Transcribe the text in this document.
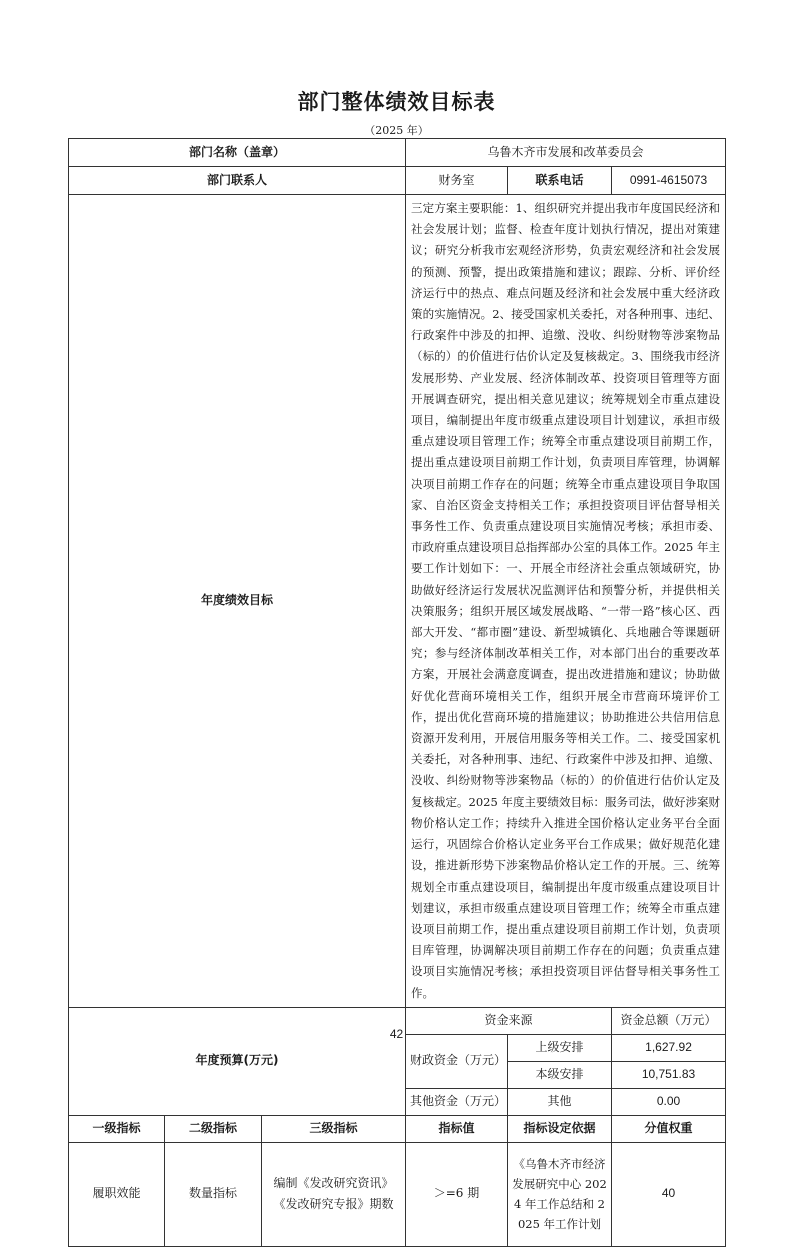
部门整体绩效目标表
（2025 年）
部门名称（盖章）			乌鲁木齐市发展和改革委员会		
部门联系人			财务室	联系电话	0991-4615073
年度绩效目标			三定方案主要职能：1、组织研究并提出我市年度国民经济和社会发展计划；监督、检查年度计划执行情况，提出对策建议；研究分析我市宏观经济形势，负责宏观经济和社会发展的预测、预警，提出政策措施和建议；跟踪、分析、评价经济运行中的热点、难点问题及经济和社会发展中重大经济政策的实施情况。2、接受国家机关委托，对各种刑事、违纪、行政案件中涉及的扣押、追缴、没收、纠纷财物等涉案物品（标的）的价值进行估价认定及复核裁定。3、围绕我市经济发展形势、产业发展、经济体制改革、投资项目管理等方面开展调查研究，提出相关意见建议；统筹规划全市重点建设项目，编制提出年度市级重点建设项目计划建议，承担市级重点建设项目管理工作；统筹全市重点建设项目前期工作，提出重点建设项目前期工作计划，负责项目库管理，协调解决项目前期工作存在的问题；统筹全市重点建设项目争取国家、自治区资金支持相关工作；承担投资项目评估督导相关事务性工作、负责重点建设项目实施情况考核；承担市委、市政府重点建设项目总指挥部办公室的具体工作。2025 年主要工作计划如下：一、开展全市经济社会重点领域研究，协助做好经济运行发展状况监测评估和预警分析，并提供相关决策服务；组织开展区域发展战略、“一带一路”核心区、西部大开发、“都市圈”建设、新型城镇化、兵地融合等课题研究；参与经济体制改革相关工作，对本部门出台的重要改革方案，开展社会满意度调查，提出改进措施和建议；协助做好优化营商环境相关工作，组织开展全市营商环境评价工作，提出优化营商环境的措施建议；协助推进公共信用信息资源开发利用，开展信用服务等相关工作。二、接受国家机关委托，对各种刑事、违纪、行政案件中涉及扣押、追缴、没收、纠纷财物等涉案物品（标的）的价值进行估价认定及复核裁定。2025 年度主要绩效目标：服务司法，做好涉案财物价格认定工作；持续升入推进全国价格认定业务平台全面运行，巩固综合价格认定业务平台工作成果；做好规范化建设，推进新形势下涉案物品价格认定工作的开展。三、统筹规划全市重点建设项目，编制提出年度市级重点建设项目计划建议，承担市级重点建设项目管理工作；统筹全市重点建设项目前期工作，提出重点建设项目前期工作计划，负责项目库管理，协调解决项目前期工作存在的问题；负责重点建设项目实施情况考核；承担投资项目评估督导相关事务性工作。		
年度预算(万元)			资金来源		资金总额（万元）
			财政资金（万元）	上级安排	1,627.92
				本级安排	10,751.83
			其他资金（万元）	其他	0.00
一级指标	二级指标	三级指标	指标值	指标设定依据	分值权重
履职效能	数量指标	编制《发改研究资讯》《发改研究专报》期数	＞=6 期	《乌鲁木齐市经济发展研究中心 2024 年工作总结和 2025 年工作计划	40
42
